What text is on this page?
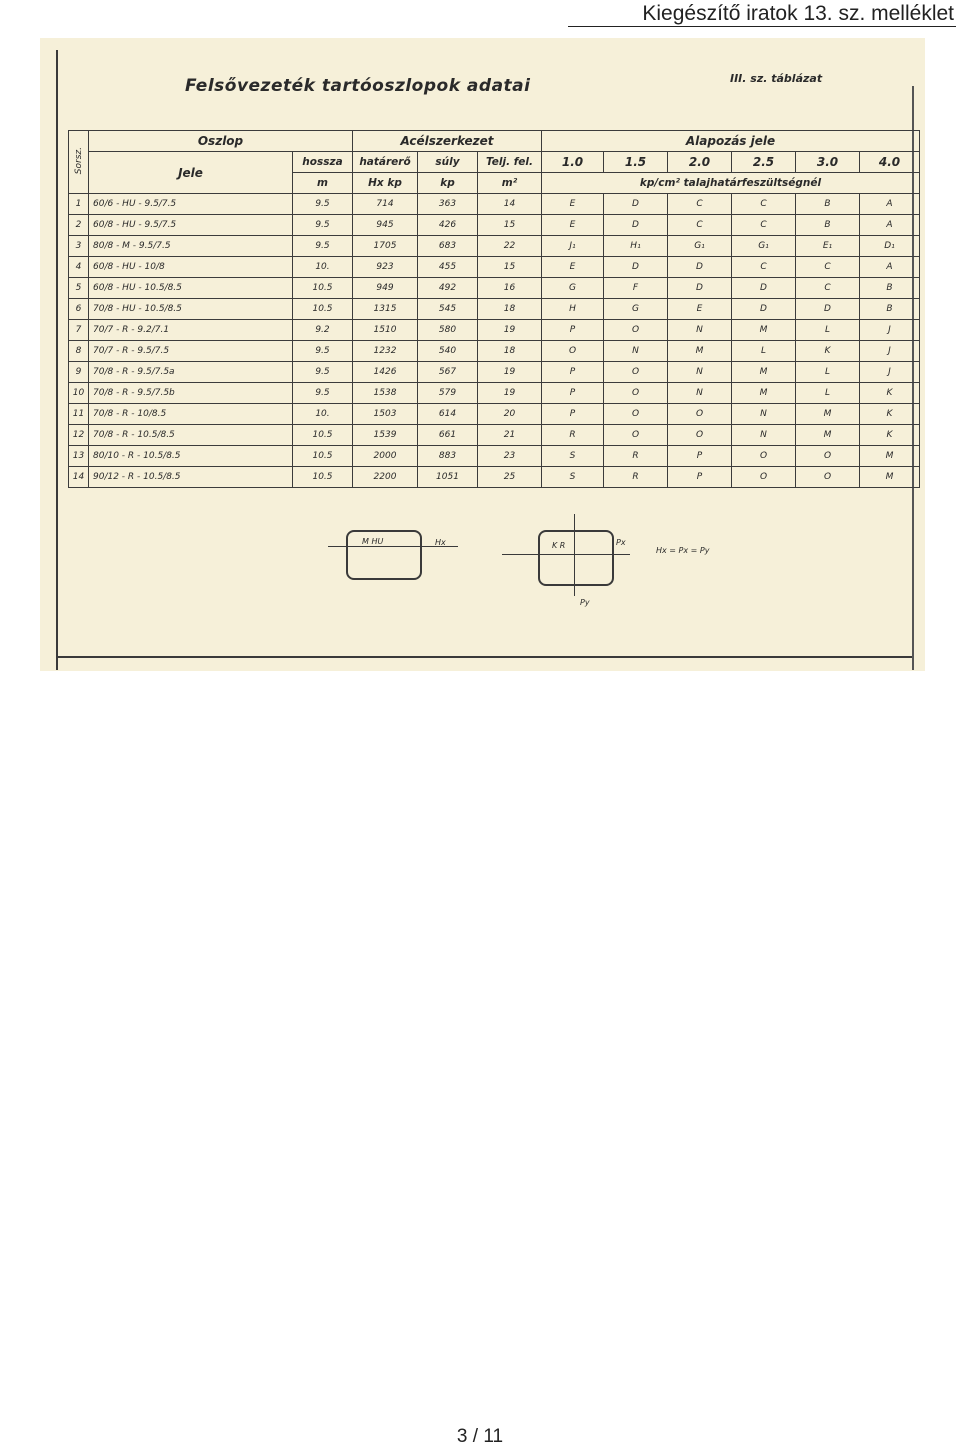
Kiegészítő iratok 13. sz. melléklet
Felsővezeték tartóoszlopok adatai	III. sz. táblázat
Sorsz.	Oszlop		Acélszerkezet			Alapozás jele					
	Jele	hossza	határerő	súly	Telj. fel.	1.0	1.5	2.0	2.5	3.0	4.0
		m	Hx kp	kp	m²	kp/cm² talajhatárfeszültségnél					
1	60/6 - HU - 9.5/7.5	9.5	714	363	14	E	D	C	C	B	A
2	60/8 - HU - 9.5/7.5	9.5	945	426	15	E	D	C	C	B	A
3	80/8 - M - 9.5/7.5	9.5	1705	683	22	J₁	H₁	G₁	G₁	E₁	D₁
4	60/8 - HU - 10/8	10.	923	455	15	E	D	D	C	C	A
5	60/8 - HU - 10.5/8.5	10.5	949	492	16	G	F	D	D	C	B
6	70/8 - HU - 10.5/8.5	10.5	1315	545	18	H	G	E	D	D	B
7	70/7 - R - 9.2/7.1	9.2	1510	580	19	P	O	N	M	L	J
8	70/7 - R - 9.5/7.5	9.5	1232	540	18	O	N	M	L	K	J
9	70/8 - R - 9.5/7.5a	9.5	1426	567	19	P	O	N	M	L	J
10	70/8 - R - 9.5/7.5b	9.5	1538	579	19	P	O	N	M	L	K
11	70/8 - R - 10/8.5	10.	1503	614	20	P	O	O	N	M	K
12	70/8 - R - 10.5/8.5	10.5	1539	661	21	R	O	O	N	M	K
13	80/10 - R - 10.5/8.5	10.5	2000	883	23	S	R	P	O	O	M
14	90/12 - R - 10.5/8.5	10.5	2200	1051	25	S	R	P	O	O	M
M HU	Hx	K R	Px
Py
Hx = Px = Py
3 / 11
